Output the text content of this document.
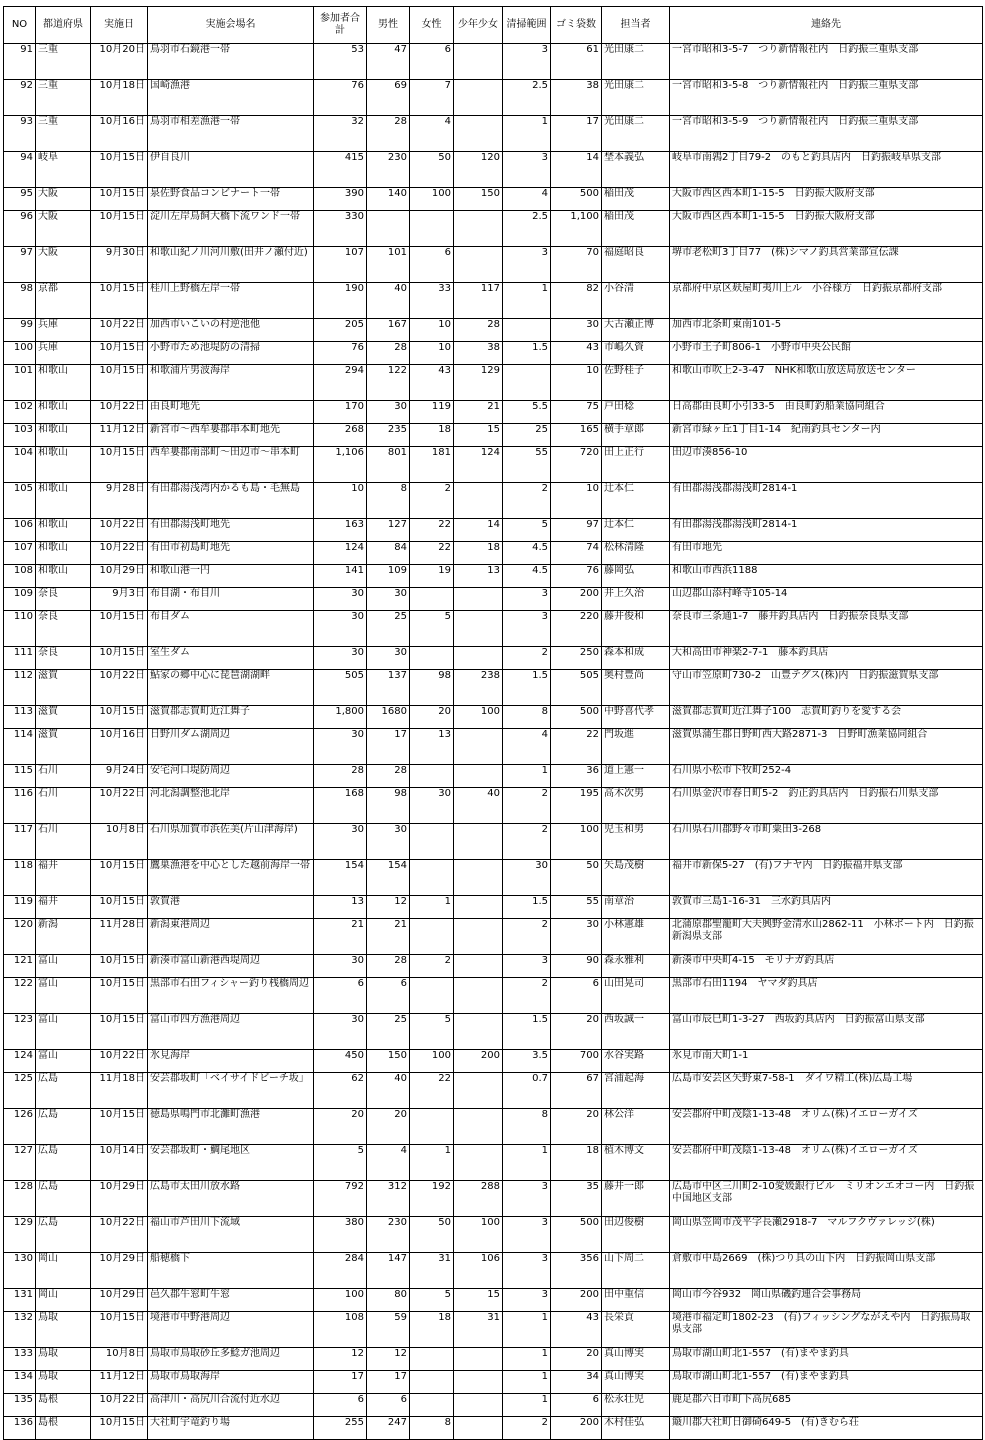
NO	都道府県	実施日	実施会場名	参加者合計	男性	女性	少年少女	清掃範囲	ゴミ袋数	担当者	連絡先
91	三重	10月20日	鳥羽市石鏡港一帯	53	47	6		3	61	光田康二	一宮市昭和3-5-7　つり新情報社内　日釣振三重県支部
92	三重	10月18日	国崎漁港	76	69	7		2.5	38	光田康二	一宮市昭和3-5-8　つり新情報社内　日釣振三重県支部
93	三重	10月16日	鳥羽市相差漁港一帯	32	28	4		1	17	光田康二	一宮市昭和3-5-9　つり新情報社内　日釣振三重県支部
94	岐阜	10月15日	伊自良川	415	230	50	120	3	14	埜本義弘	岐阜市南鶉2丁目79-2　のもと釣具店内　日釣振岐阜県支部
95	大阪	10月15日	泉佐野食品コンビナート一帯	390	140	100	150	4	500	稲田茂	大阪市西区西本町1-15-5　日釣振大阪府支部
96	大阪	10月15日	淀川左岸鳥飼大橋下流ワンド一帯	330				2.5	1,100	稲田茂	大阪市西区西本町1-15-5　日釣振大阪府支部
97	大阪	9月30日	和歌山紀ノ川河川敷(田井ノ瀬付近)	107	101	6		3	70	福庭昭良	堺市老松町3丁目77　(株)シマノ釣具営業部宣伝課
98	京都	10月15日	桂川上野橋左岸一帯	190	40	33	117	1	82	小谷清	京都府中京区麸屋町夷川上ル　小谷様方　日釣振京都府支部
99	兵庫	10月22日	加西市いこいの村逆池他	205	167	10	28		30	大古瀬正博	加西市北条町東南101-5
100	兵庫	10月15日	小野市ため池堤防の清掃	76	28	10	38	1.5	43	市嶋久資	小野市王子町806-1　小野市中央公民館
101	和歌山	10月15日	和歌浦片男波海岸	294	122	43	129		10	佐野桂子	和歌山市吹上2-3-47　NHK和歌山放送局放送センター
102	和歌山	10月22日	由良町地先	170	30	119	21	5.5	75	戸田稔	日高郡由良町小引33-5　由良町釣船業協同組合
103	和歌山	11月12日	新宮市～西牟婁郡串本町地先	268	235	18	15	25	165	横手章郎	新宮市緑ヶ丘1丁目1-14　紀南釣具センター内
104	和歌山	10月15日	西牟婁郡南部町～田辺市～串本町	1,106	801	181	124	55	720	田上正行	田辺市湊856-10
105	和歌山	9月28日	有田郡湯浅湾内かるも島・毛無島	10	8	2		2	10	辻本仁	有田郡湯浅郡湯浅町2814-1
106	和歌山	10月22日	有田郡湯浅町地先	163	127	22	14	5	97	辻本仁	有田郡湯浅郡湯浅町2814-1
107	和歌山	10月22日	有田市初島町地先	124	84	22	18	4.5	74	松林清隆	有田市地先
108	和歌山	10月29日	和歌山港一円	141	109	19	13	4.5	76	藤岡弘	和歌山市西浜1188
109	奈良	9月3日	布目湖・布目川	30	30			3	200	井上久治	山辺郡山添村峰寺105-14
110	奈良	10月15日	布目ダム	30	25	5		3	220	藤井俊和	奈良市三条通1-7　藤井釣具店内　日釣振奈良県支部
111	奈良	10月15日	室生ダム	30	30			2	250	森本和成	大和高田市神楽2-7-1　藤本釣具店
112	滋賀	10月22日	鮎家の郷中心に琵琶湖湖畔	505	137	98	238	1.5	505	奥村豊尚	守山市笠原町730-2　山豊テグス(株)内　日釣振滋賀県支部
113	滋賀	10月15日	滋賀郡志賀町近江舞子	1,800	1680	20	100	8	500	中野喜代孝	滋賀郡志賀町近江舞子100　志賀町釣りを愛する会
114	滋賀	10月16日	日野川ダム湖周辺	30	17	13		4	22	門坂進	滋賀県蒲生郡日野町西大路2871-3　日野町漁業協同組合
115	石川	9月24日	安宅河口堤防周辺	28	28			1	36	道上憲一	石川県小松市下牧町252-4
116	石川	10月22日	河北潟調整池北岸	168	98	30	40	2	195	高木次男	石川県金沢市春日町5-2　釣正釣具店内　日釣振石川県支部
117	石川	10月8日	石川県加賀市浜佐美(片山津海岸)	30	30			2	100	児玉和男	石川県石川郡野々市町粟田3-268
118	福井	10月15日	鷹巣漁港を中心とした越前海岸一帯	154	154			30	50	矢島茂樹	福井市新保5-27　(有)フナヤ内　日釣振福井県支部
119	福井	10月15日	敦賀港	13	12	1		1.5	55	南章治	敦賀市三島1-16-31　三水釣具店内
120	新潟	11月28日	新潟東港周辺	21	21			2	30	小林憲雄	北蒲原郡聖籠町大夫興野金清水山2862-11　小林ボート内　日釣振新潟県支部
121	富山	10月15日	新湊市富山新港西堤周辺	30	28	2		3	90	森永雅利	新湊市中央町4-15　モリナガ釣具店
122	富山	10月15日	黒部市石田フィシャー釣り桟橋周辺	6	6			2	6	山田晃司	黒部市石田1194　ヤマダ釣具店
123	富山	10月15日	富山市四方漁港周辺	30	25	5		1.5	20	西坂誠一	富山市辰巳町1-3-27　西坂釣具店内　日釣振富山県支部
124	富山	10月22日	氷見海岸	450	150	100	200	3.5	700	水谷実路	氷見市南大町1-1
125	広島	11月18日	安芸郡坂町「ベイサイドビーチ坂」	62	40	22		0.7	67	宮浦起海	広島市安芸区矢野東7-58-1　ダイワ精工(株)広島工場
126	広島	10月15日	徳島県鳴門市北灘町漁港	20	20			8	20	林公洋	安芸郡府中町茂陰1-13-48　オリム(株)イエローガイズ
127	広島	10月14日	安芸郡坂町・鯛尾地区	5	4	1		1	18	植木博文	安芸郡府中町茂陰1-13-48　オリム(株)イエローガイズ
128	広島	10月29日	広島市太田川放水路	792	312	192	288	3	35	藤井一郎	広島市中区三川町2-10愛媛銀行ビル　ミリオンエオコー内　日釣振中国地区支部
129	広島	10月22日	福山市芦田川下流域	380	230	50	100	3	500	田辺俊樹	岡山県笠岡市茂平字長瀬2918-7　マルフクヴァレッジ(株)
130	岡山	10月29日	船穂橋下	284	147	31	106	3	356	山下周二	倉敷市中島2669　(株)つり具の山下内　日釣振岡山県支部
131	岡山	10月29日	邑久郡牛窓町牛窓	100	80	5	15	3	200	田中重信	岡山市今谷932　岡山県磯釣連合会事務局
132	鳥取	10月15日	境港市中野港周辺	108	59	18	31	1	43	長栄貢	境港市福定町1802-23　(有)フィッシングながえや内　日釣振鳥取県支部
133	鳥取	10月8日	鳥取市鳥取砂丘多鯰ガ池周辺	12	12			1	20	真山博実	鳥取市湖山町北1-557　(有)まやま釣具
134	鳥取	11月12日	鳥取市鳥取海岸	17	17			1	34	真山博実	鳥取市湖山町北1-557　(有)まやま釣具
135	島根	10月22日	高津川・高尻川合流付近水辺	6	6			1	6	松永壮児	鹿足郡六日市町下高尻685
136	島根	10月15日	大社町宇竜釣り場	255	247	8		2	200	木村佳弘	簸川郡大社町日御碕649-5　(有)きむら荘
